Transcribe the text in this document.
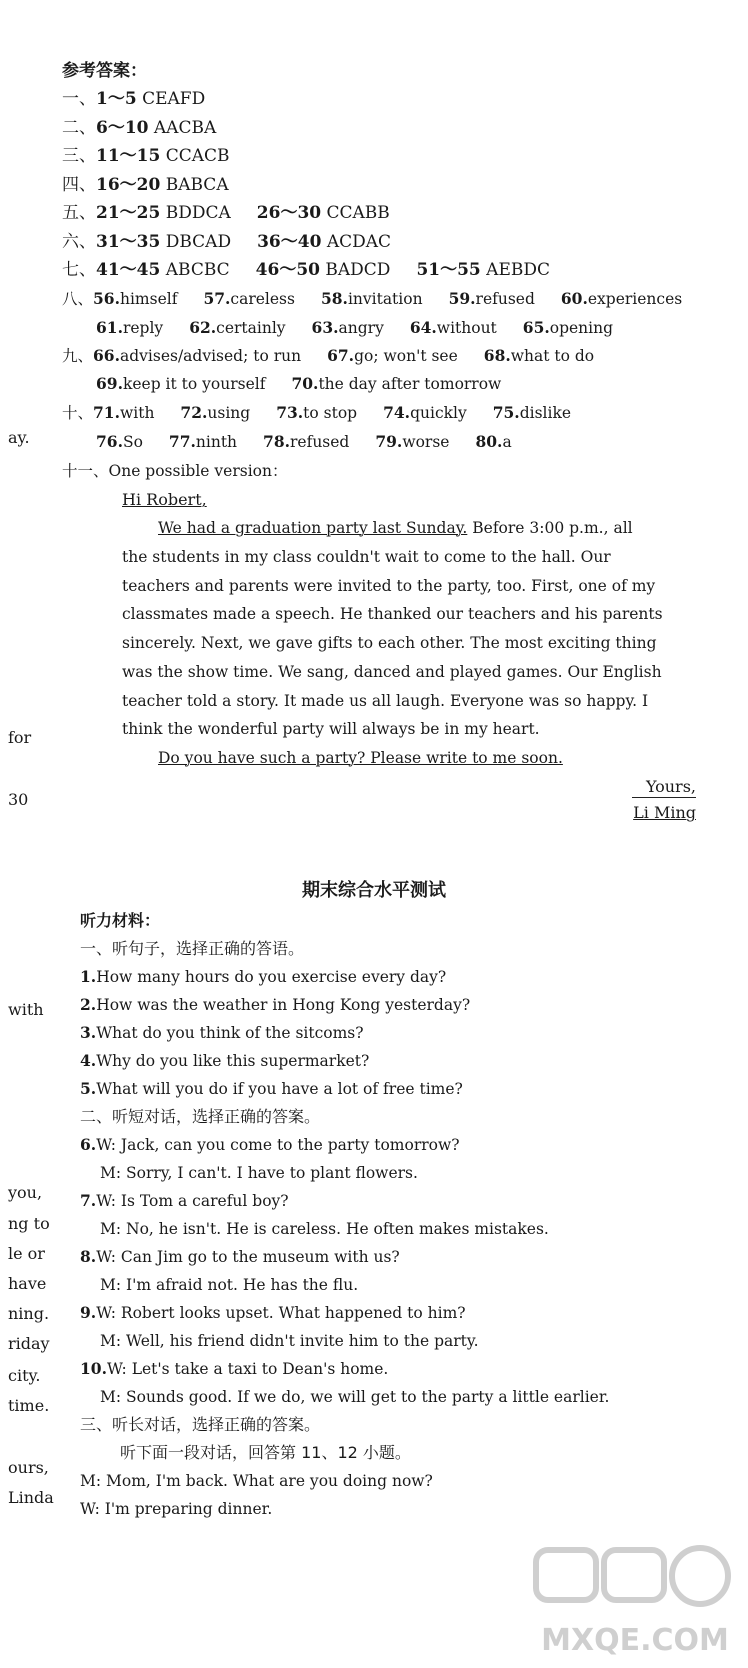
ay.
for
30
with
you,
ng to
le or
have
ning.
riday
city.
time.
ours,
Linda
参考答案：
一、1～5 CEAFD
二、6～10 AACBA
三、11～15 CCACB
四、16～20 BABCA
五、21～25 BDDCA 26～30 CCABB
六、31～35 DBCAD 36～40 ACDAC
七、41～45 ABCBC 46～50 BADCD 51～55 AEBDC
八、56.himself 57.careless 58.invitation 59.refused 60.experiences
61.reply 62.certainly 63.angry 64.without 65.opening
九、66.advises/advised; to run 67.go; won't see 68.what to do
69.keep it to yourself 70.the day after tomorrow
十、71.with 72.using 73.to stop 74.quickly 75.dislike
76.So 77.ninth 78.refused 79.worse 80.a
十一、One possible version：
Hi Robert,
We had a graduation party last Sunday. Before 3:00 p.m., all
the students in my class couldn't wait to come to the hall. Our
teachers and parents were invited to the party, too. First, one of my
classmates made a speech. He thanked our teachers and his parents
sincerely. Next, we gave gifts to each other. The most exciting thing
was the show time. We sang, danced and played games. Our English
teacher told a story. It made us all laugh. Everyone was so happy. I
think the wonderful party will always be in my heart.
Do you have such a party? Please write to me soon.
Yours,
Li Ming
期末综合水平测试
听力材料：
一、听句子，选择正确的答语。
1.How many hours do you exercise every day?
2.How was the weather in Hong Kong yesterday?
3.What do you think of the sitcoms?
4.Why do you like this supermarket?
5.What will you do if you have a lot of free time?
二、听短对话，选择正确的答案。
6.W: Jack, can you come to the party tomorrow?
M: Sorry, I can't. I have to plant flowers.
7.W: Is Tom a careful boy?
M: No, he isn't. He is careless. He often makes mistakes.
8.W: Can Jim go to the museum with us?
M: I'm afraid not. He has the flu.
9.W: Robert looks upset. What happened to him?
M: Well, his friend didn't invite him to the party.
10.W: Let's take a taxi to Dean's home.
M: Sounds good. If we do, we will get to the party a little earlier.
三、听长对话，选择正确的答案。
听下面一段对话，回答第 11、12 小题。
M: Mom, I'm back. What are you doing now?
W: I'm preparing dinner.
MXQE.COM
